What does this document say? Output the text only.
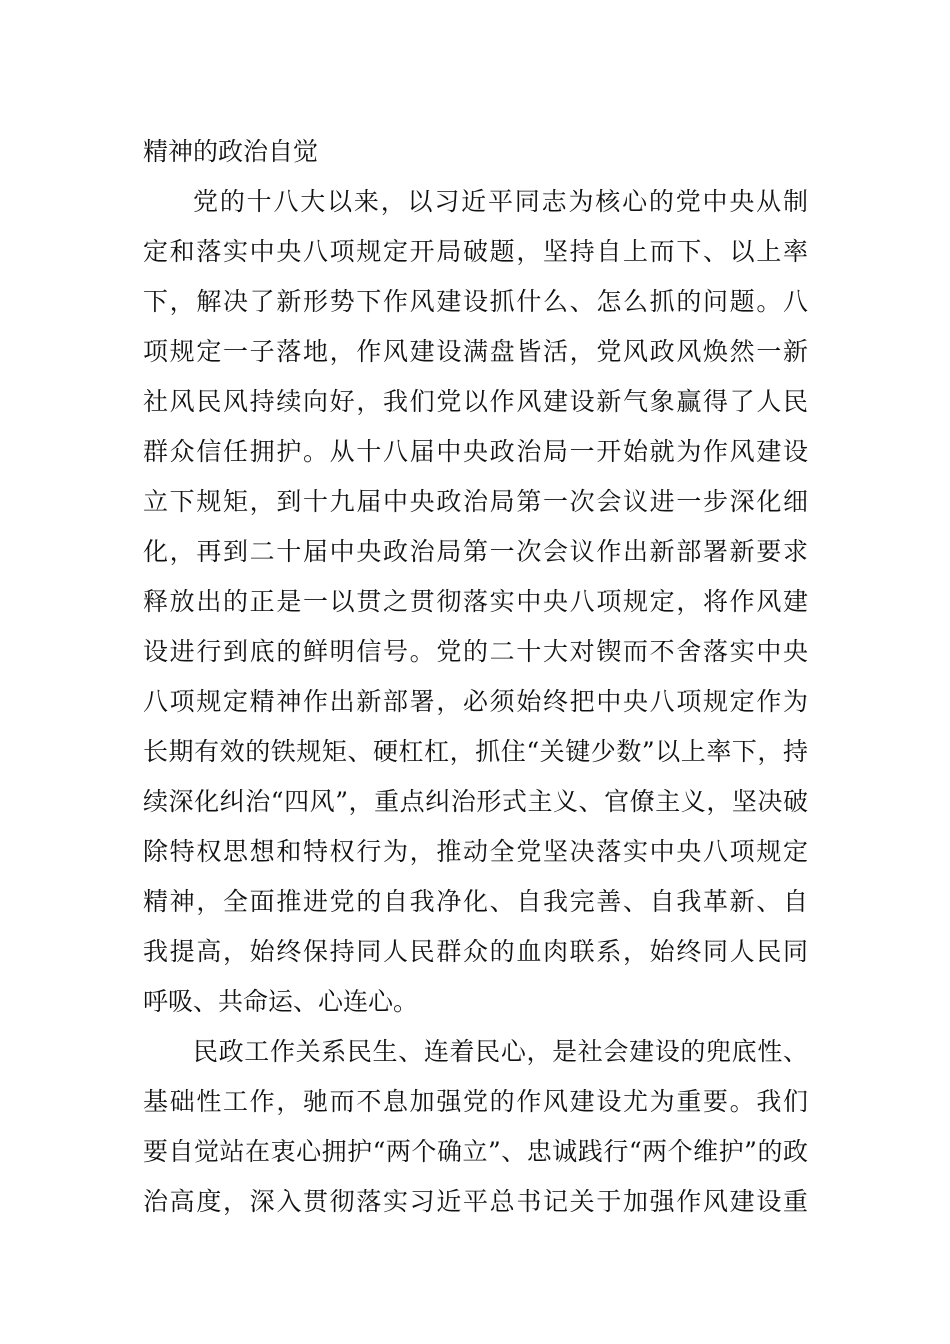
精神的政治自觉
党的十八大以来，以习近平同志为核心的党中央从制
定和落实中央八项规定开局破题，坚持自上而下、以上率
下，解决了新形势下作风建设抓什么、怎么抓的问题。八
项规定一子落地，作风建设满盘皆活，党风政风焕然一新
社风民风持续向好，我们党以作风建设新气象赢得了人民
群众信任拥护。从十八届中央政治局一开始就为作风建设
立下规矩，到十九届中央政治局第一次会议进一步深化细
化，再到二十届中央政治局第一次会议作出新部署新要求
释放出的正是一以贯之贯彻落实中央八项规定，将作风建
设进行到底的鲜明信号。党的二十大对锲而不舍落实中央
八项规定精神作出新部署，必须始终把中央八项规定作为
长期有效的铁规矩、硬杠杠，抓住“关键少数”以上率下，持
续深化纠治“四风”，重点纠治形式主义、官僚主义，坚决破
除特权思想和特权行为，推动全党坚决落实中央八项规定
精神，全面推进党的自我净化、自我完善、自我革新、自
我提高，始终保持同人民群众的血肉联系，始终同人民同
呼吸、共命运、心连心。
民政工作关系民生、连着民心，是社会建设的兜底性、
基础性工作，驰而不息加强党的作风建设尤为重要。我们
要自觉站在衷心拥护“两个确立”、忠诚践行“两个维护”的政
治高度，深入贯彻落实习近平总书记关于加强作风建设重
